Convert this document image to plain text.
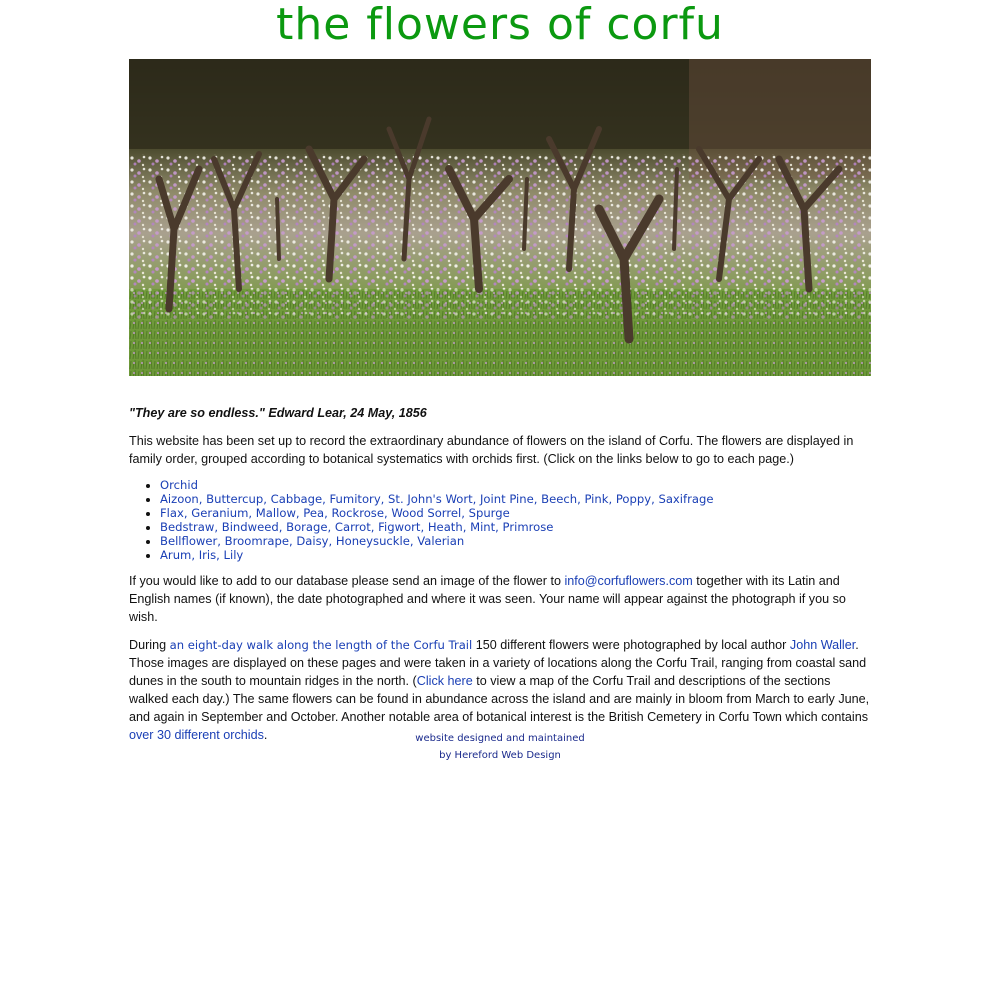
the flowers of corfu

"They are so endless." Edward Lear, 24 May, 1856

This website has been set up to record the extraordinary abundance of flowers on the island of Corfu. The flowers are displayed in family order, grouped according to botanical systematics with orchids first. (Click on the links below to go to each page.)

• Orchid
• Aizoon, Buttercup, Cabbage, Fumitory, St. John's Wort, Joint Pine, Beech, Pink, Poppy, Saxifrage
• Flax, Geranium, Mallow, Pea, Rockrose, Wood Sorrel, Spurge
• Bedstraw, Bindweed, Borage, Carrot, Figwort, Heath, Mint, Primrose
• Bellflower, Broomrape, Daisy, Honeysuckle, Valerian
• Arum, Iris, Lily

If you would like to add to our database please send an image of the flower to info@corfuflowers.com together with its Latin and English names (if known), the date photographed and where it was seen. Your name will appear against the photograph if you so wish.

During an eight-day walk along the length of the Corfu Trail 150 different flowers were photographed by local author John Waller. Those images are displayed on these pages and were taken in a variety of locations along the Corfu Trail, ranging from coastal sand dunes in the south to mountain ridges in the north. (Click here to view a map of the Corfu Trail and descriptions of the sections walked each day.) The same flowers can be found in abundance across the island and are mainly in bloom from March to early June, and again in September and October. Another notable area of botanical interest is the British Cemetery in Corfu Town which contains over 30 different orchids.	website designed and maintained
by Hereford Web Design
